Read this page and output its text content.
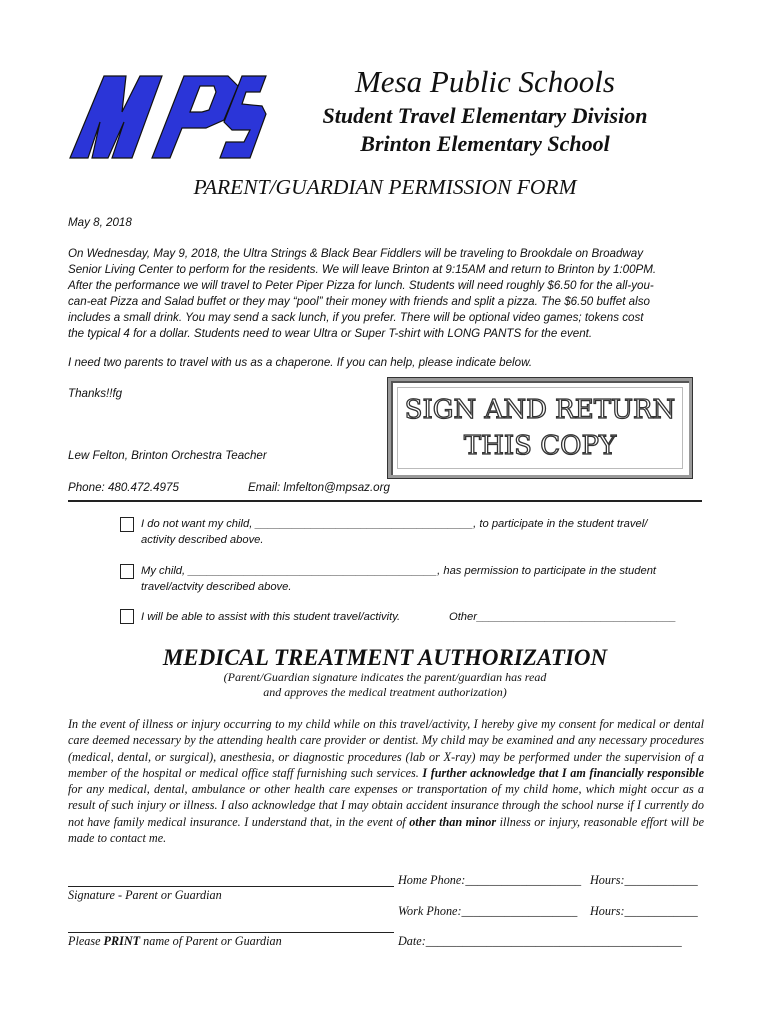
MPS
Mesa Public Schools
Student Travel Elementary Division
Brinton Elementary School
PARENT/GUARDIAN PERMISSION FORM
May 8, 2018
On Wednesday, May 9, 2018, the Ultra Strings & Black Bear Fiddlers will be traveling to Brookdale on Broadway
Senior Living Center to perform for the residents. We will leave Brinton at 9:15AM and return to Brinton by 1:00PM.
After the performance we will travel to Peter Piper Pizza for lunch. Students will need roughly $6.50 for the all-you-
can-eat Pizza and Salad buffet or they may “pool” their money with friends and split a pizza. The $6.50 buffet also
includes a small drink. You may send a sack lunch, if you prefer. There will be optional video games; tokens cost
the typical 4 for a dollar. Students need to wear Ultra or Super T-shirt with LONG PANTS for the event.
I need two parents to travel with us as a chaperone. If you can help, please indicate below.
Thanks!!fg
Lew Felton, Brinton Orchestra Teacher
Phone: 480.472.4975	Email: lmfelton@mpsaz.org
SIGN AND RETURN
THIS COPY
I do not want my child, ___________________________________, to participate in the student travel/
activity described above.
My child, ________________________________________, has permission to participate in the student
travel/actvity described above.
I will be able to assist with this student travel/activity.	Other________________________________
MEDICAL TREATMENT AUTHORIZATION
(Parent/Guardian signature indicates the parent/guardian has read
and approves the medical treatment authorization)
In the event of illness or injury occurring to my child while on this travel/activity, I hereby give my consent for medical or dental care deemed necessary by the attending health care provider or dentist. My child may be examined and any necessary procedures (medical, dental, or surgical), anesthesia, or diagnostic procedures (lab or X-ray) may be performed under the supervision of a member of the hospital or medical office staff furnishing such services. I further acknowledge that I am financially responsible for any medical, dental, ambulance or other health care expenses or transportation of my child home, which might occur as a result of such injury or illness. I also acknowledge that I may obtain accident insurance through the school nurse if I currently do not have family medical insurance. I understand that, in the event of other than minor illness or injury, reasonable effort will be made to contact me.
Signature - Parent or Guardian
Home Phone:___________________ Hours:____________
Work Phone:___________________ Hours:____________
Please PRINT name of Parent or Guardian	Date:__________________________________________
